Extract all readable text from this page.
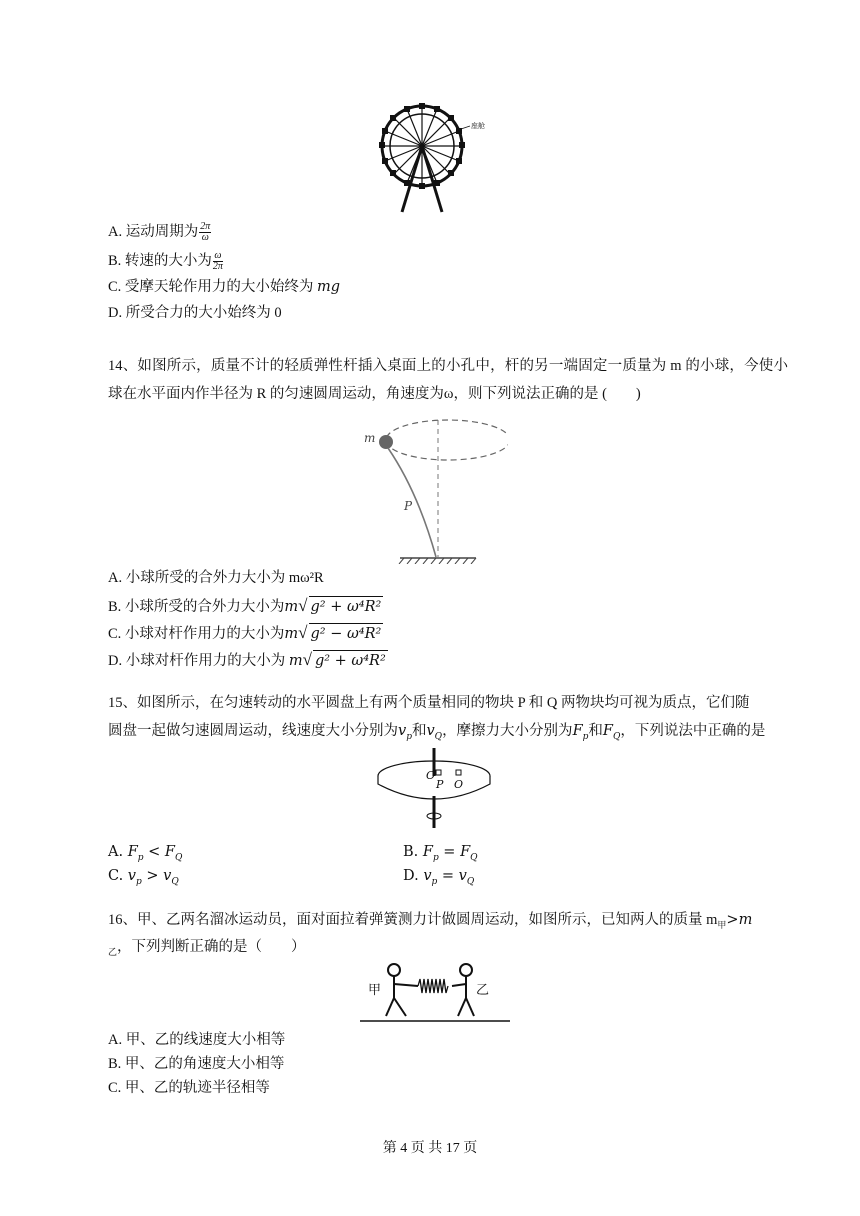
座舱
A. 运动周期为 $\frac{2\pi}{\omega}$
B. 转速的大小为 $\frac{\omega}{2\pi}$
C. 受摩天轮作用力的大小始终为 mg
D. 所受合力的大小始终为 0
14、如图所示，质量不计的轻质弹性杆插入桌面上的小孔中，杆的另一端固定一质量为 m 的小球，今使小球在水平面内作半径为 R 的匀速圆周运动，角速度为ω，则下列说法正确的是 (　　)
m
P
A. 小球所受的合外力大小为 mω²R
B. 小球所受的合外力大小为m√ g² + ω⁴R²
C. 小球对杆作用力的大小为m√ g² − ω⁴R²
D. 小球对杆作用力的大小为 m√ g² + ω⁴R²
15、如图所示，在匀速转动的水平圆盘上有两个质量相同的物块 P 和 Q 两物块均可视为质点，它们随
圆盘一起做匀速圆周运动，线速度大小分别为$v_p$和$v_Q$，摩擦力大小分别为$F_p$和$F_Q$，下列说法中正确的是
O
P O
A. $F_p < F_Q$	B. $F_p = F_Q$
C. $v_p > v_Q$	D. $v_p = v_Q$
16、甲、乙两名溜冰运动员，面对面拉着弹簧测力计做圆周运动，如图所示，已知两人的质量 $m_甲>m$
$_乙$，下列判断正确的是（　　）
甲	乙
A. 甲、乙的线速度大小相等
B. 甲、乙的角速度大小相等
C. 甲、乙的轨迹半径相等
第 4 页 共 17 页
